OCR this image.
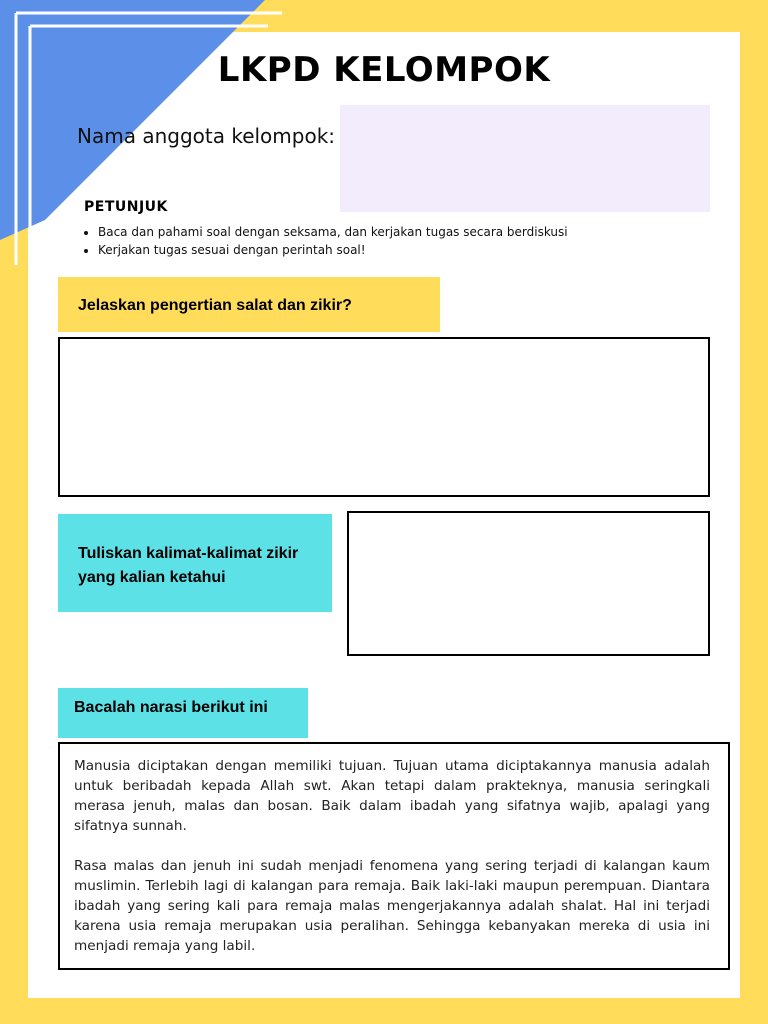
LKPD KELOMPOK
Nama anggota kelompok:
PETUNJUK
• Baca dan pahami soal dengan seksama, dan kerjakan tugas secara berdiskusi
• Kerjakan tugas sesuai dengan perintah soal!
Jelaskan pengertian salat dan zikir?
Tuliskan kalimat-kalimat zikir yang kalian ketahui
Bacalah narasi berikut ini

Manusia diciptakan dengan memiliki tujuan. Tujuan utama diciptakannya manusia adalah untuk beribadah kepada Allah swt. Akan tetapi dalam prakteknya, manusia seringkali merasa jenuh, malas dan bosan. Baik dalam ibadah yang sifatnya wajib, apalagi yang sifatnya sunnah.

Rasa malas dan jenuh ini sudah menjadi fenomena yang sering terjadi di kalangan kaum muslimin. Terlebih lagi di kalangan para remaja. Baik laki-laki maupun perempuan. Diantara ibadah yang sering kali para remaja malas mengerjakannya adalah shalat. Hal ini terjadi karena usia remaja merupakan usia peralihan. Sehingga kebanyakan mereka di usia ini menjadi remaja yang labil.
